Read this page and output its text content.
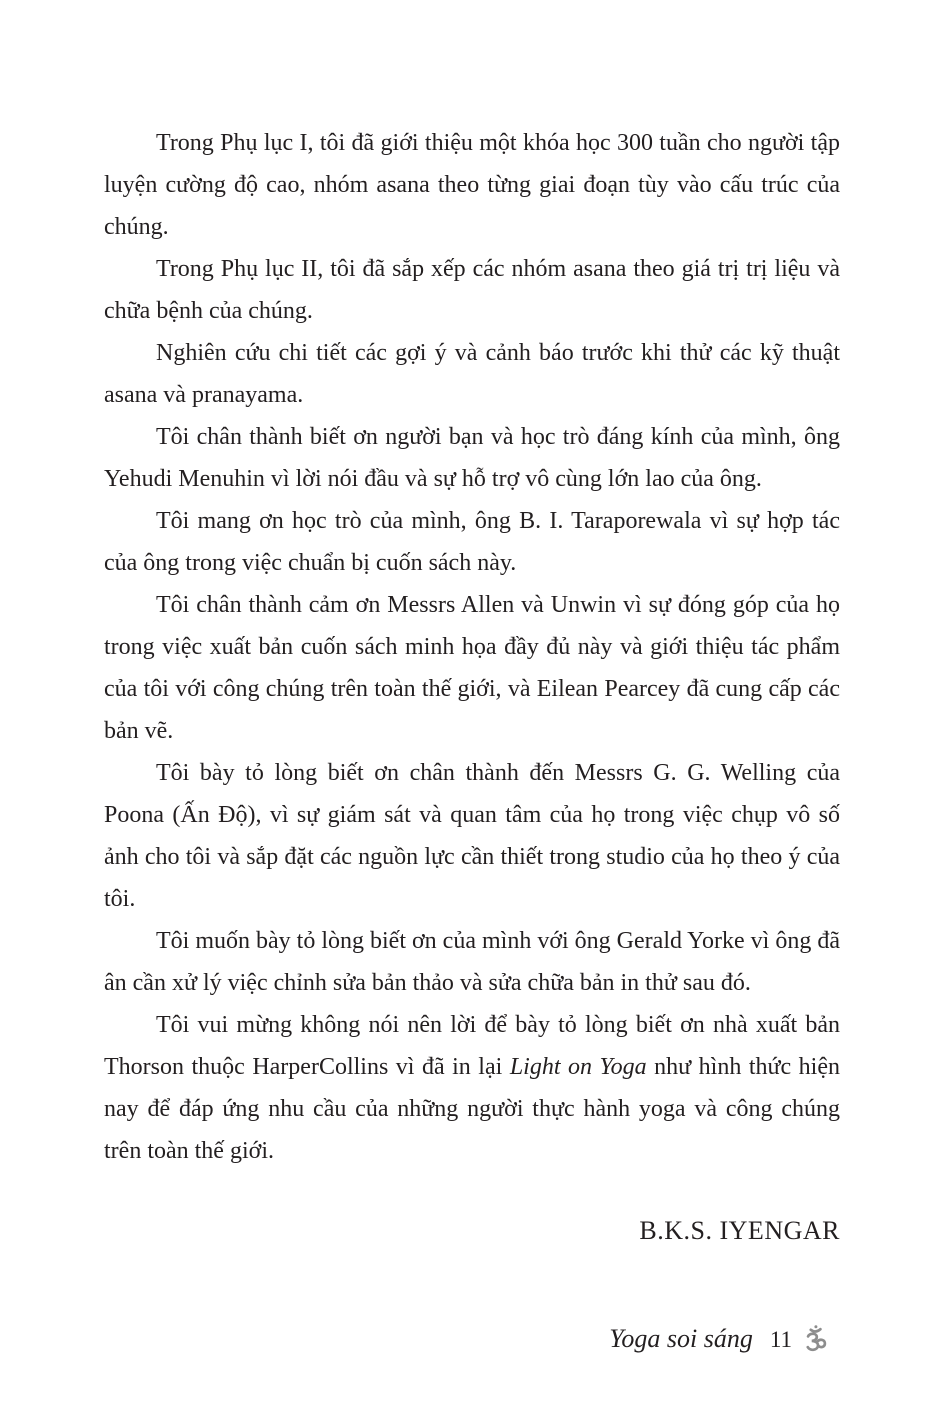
Trong Phụ lục I, tôi đã giới thiệu một khóa học 300 tuần cho người tập luyện cường độ cao, nhóm asana theo từng giai đoạn tùy vào cấu trúc của chúng.

Trong Phụ lục II, tôi đã sắp xếp các nhóm asana theo giá trị trị liệu và chữa bệnh của chúng.

Nghiên cứu chi tiết các gợi ý và cảnh báo trước khi thử các kỹ thuật asana và pranayama.

Tôi chân thành biết ơn người bạn và học trò đáng kính của mình, ông Yehudi Menuhin vì lời nói đầu và sự hỗ trợ vô cùng lớn lao của ông.

Tôi mang ơn học trò của mình, ông B. I. Taraporewala vì sự hợp tác của ông trong việc chuẩn bị cuốn sách này.

Tôi chân thành cảm ơn Messrs Allen và Unwin vì sự đóng góp của họ trong việc xuất bản cuốn sách minh họa đầy đủ này và giới thiệu tác phẩm của tôi với công chúng trên toàn thế giới, và Eilean Pearcey đã cung cấp các bản vẽ.

Tôi bày tỏ lòng biết ơn chân thành đến Messrs G. G. Welling của Poona (Ấn Độ), vì sự giám sát và quan tâm của họ trong việc chụp vô số ảnh cho tôi và sắp đặt các nguồn lực cần thiết trong studio của họ theo ý của tôi.

Tôi muốn bày tỏ lòng biết ơn của mình với ông Gerald Yorke vì ông đã ân cần xử lý việc chỉnh sửa bản thảo và sửa chữa bản in thử sau đó.

Tôi vui mừng không nói nên lời để bày tỏ lòng biết ơn nhà xuất bản Thorson thuộc HarperCollins vì đã in lại Light on Yoga như hình thức hiện nay để đáp ứng nhu cầu của những người thực hành yoga và công chúng trên toàn thế giới.

B.K.S. IYENGAR

Yoga soi sáng 11
